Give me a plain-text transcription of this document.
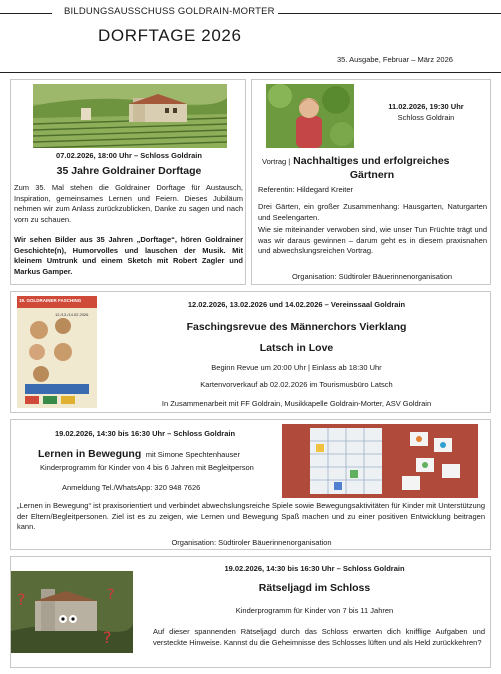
BILDUNGSAUSSCHUSS GOLDRAIN-MORTER
DORFTAGE 2026
35. Ausgabe, Februar – März 2026
07.02.2026, 18:00 Uhr – Schloss Goldrain
35 Jahre Goldrainer Dorftage
Zum 35. Mal stehen die Goldrainer Dorftage für Austausch, Inspiration, gemeinsames Lernen und Feiern. Dieses Jubiläum nehmen wir zum Anlass zurückzublicken, Danke zu sagen und nach vorn zu schauen.
Wir sehen Bilder aus 35 Jahren „Dorftage“, hören Goldrainer Geschichte(n), Humorvolles und lauschen der Musik. Mit kleinem Umtrunk und einem Sketch mit Robert Zagler und Markus Gamper.
11.02.2026, 19:30 Uhr
Schloss Goldrain
Vortrag | Nachhaltiges und erfolgreiches
Gärtnern
Referentin: Hildegard Kreiter
Drei Gärten, ein großer Zusammenhang: Hausgarten, Naturgarten und Seelengarten.
Wie sie miteinander verwoben sind, wie unser Tun Früchte trägt und was wir daraus gewinnen – darum geht es in diesem praxisnahen und abwechslungsreichen Vortrag.
Organisation: Südtiroler Bäuerinnenorganisation
19. GOLDRAINER FASCHING
12./13./14.02.2026
12.02.2026, 13.02.2026 und 14.02.2026 – Vereinssaal Goldrain
Faschingsrevue des Männerchors Vierklang
Latsch in Love
Beginn Revue um 20:00 Uhr | Einlass ab 18:30 Uhr
Kartenvorverkauf ab 02.02.2026 im Tourismusbüro Latsch
In Zusammenarbeit mit FF Goldrain, Musikkapelle Goldrain-Morter, ASV Goldrain
19.02.2026, 14:30 bis 16:30 Uhr – Schloss Goldrain
Lernen in Bewegung mit Simone Spechtenhauser
Kinderprogramm für Kinder von 4 bis 6 Jahren mit Begleitperson
Anmeldung Tel./WhatsApp: 320 948 7626
„Lernen in Bewegung“ ist praxisorientiert und verbindet abwechslungsreiche Spiele sowie Bewegungsaktivitäten für Kinder mit Unterstützung der Eltern/Begleitpersonen. Ziel ist es zu zeigen, wie Lernen und Bewegung Spaß machen und zu einer positiven Entwicklung beitragen kann.
Organisation: Südtiroler Bäuerinnenorganisation
?	?
?
19.02.2026, 14:30 bis 16:30 Uhr – Schloss Goldrain
Rätseljagd im Schloss
Kinderprogramm für Kinder von 7 bis 11 Jahren
Auf dieser spannenden Rätseljagd durch das Schloss erwarten dich knifflige Aufgaben und versteckte Hinweise. Kannst du die Geheimnisse des Schlosses lüften und als Held zurückkehren?
